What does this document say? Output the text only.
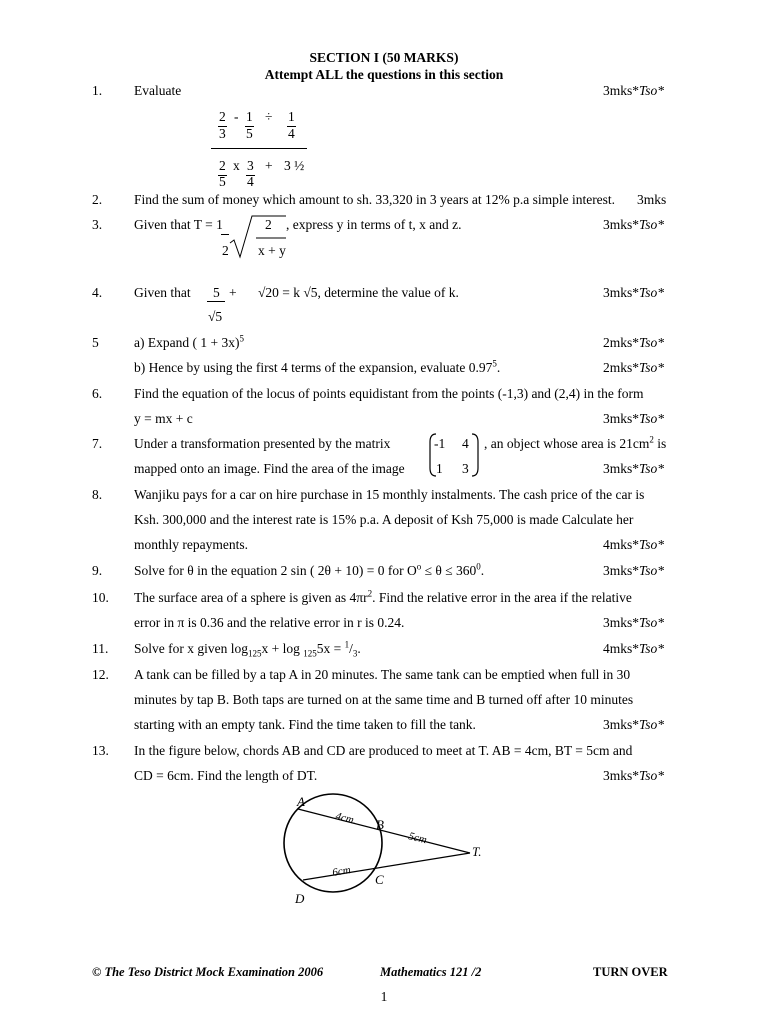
SECTION I (50 MARKS)
Attempt ALL the questions in this section
1. Evaluate	3mks*Tso*
2
3
- 1
5
÷ 1
4
2
5
x 3
4
+ 3 ½
2. Find the sum of money which amount to sh. 33,320 in 3 years at 12% p.a simple interest. 3mks
3. Given that T = 1
2
2
x + y
, express y in terms of t, x and z.	3mks*Tso*
4. Given that 5
√5
+ √20 = k √5, determine the value of k.	3mks*Tso*
5	a) Expand ( 1 + 3x)$^5$	2mks*Tso*
b) Hence by using the first 4 terms of the expansion, evaluate 0.97$^5$.	2mks*Tso*
6. Find the equation of the locus of points equidistant from the points (-1,3) and (2,4) in the form
y = mx + c	3mks*Tso*
7. Under a transformation presented by the matrix	-1 4
1 3
, an object whose area is $21cm^2$ is
mapped onto an image. Find the area of the image	3mks*Tso*
8. Wanjiku pays for a car on hire purchase in 15 monthly instalments. The cash price of the car is
Ksh. 300,000 and the interest rate is 15% p.a. A deposit of Ksh 75,000 is made Calculate her
monthly repayments.	4mks*Tso*
9. Solve for θ in the equation 2 sin ( 2θ + 10) = 0 for $O^o \le \theta \le 360^0$.	3mks*Tso*
10. The surface area of a sphere is given as $4\pi r^2$. Find the relative error in the area if the relative
error in π is 0.36 and the relative error in r is 0.24.	3mks*Tso*
11. Solve for x given $\log_{125}x + \log _{125}5x = ^1/_3$.	4mks*Tso*
12. A tank can be filled by a tap A in 20 minutes. The same tank can be emptied when full in 30
minutes by tap B. Both taps are turned on at the same time and B turned off after 10 minutes
starting with an empty tank. Find the time taken to fill the tank.	3mks*Tso*
13. In the figure below, chords AB and CD are produced to meet at T. AB = 4cm, BT = 5cm and
CD = 6cm. Find the length of DT.	3mks*Tso*
A
4cm. B
5cm
T.
6cm
C
D
© The Teso District Mock Examination 2006	Mathematics 121 /2	TURN OVER
1
